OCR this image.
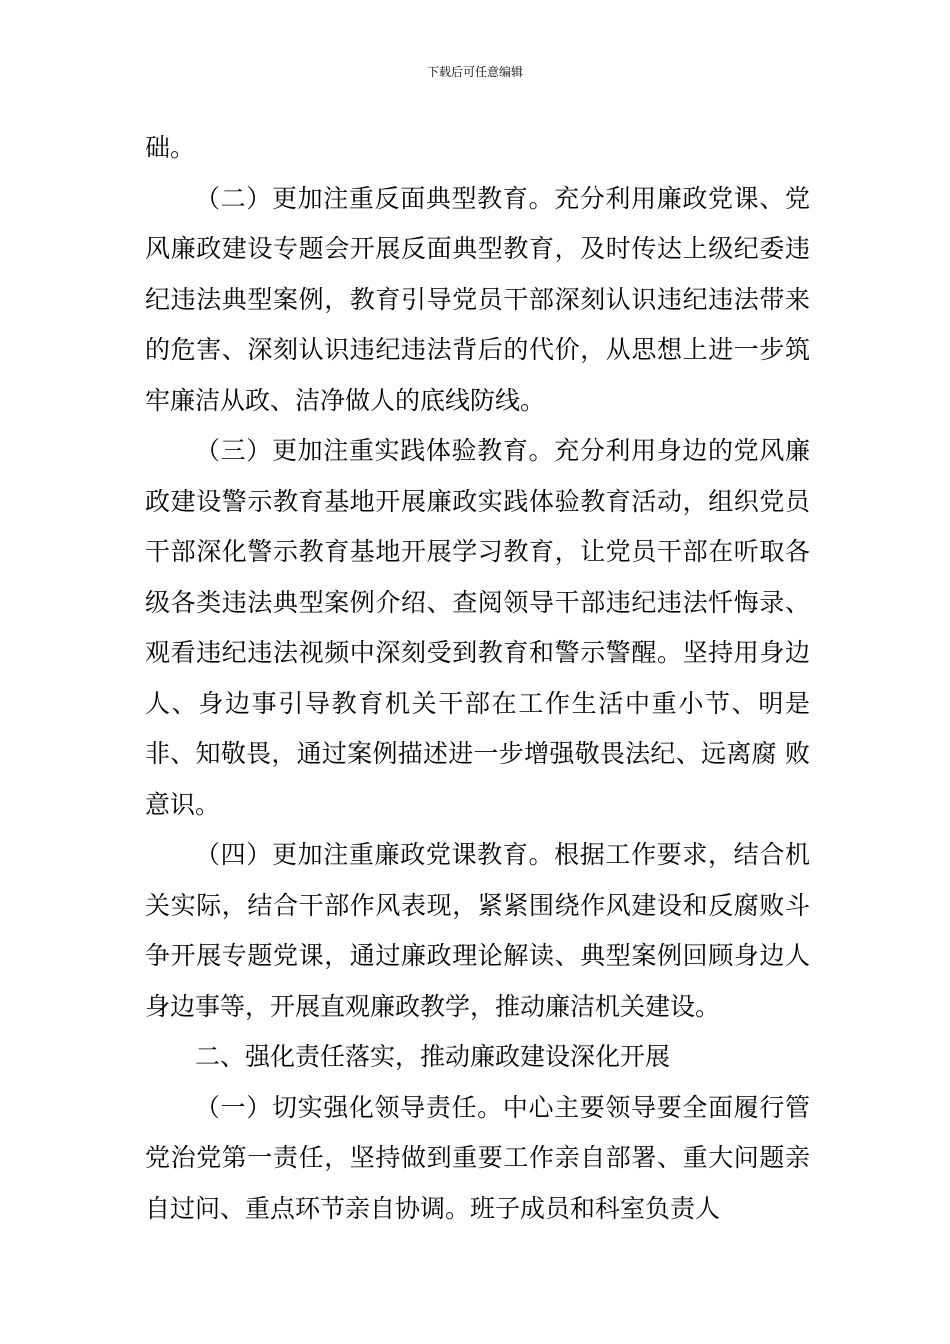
下载后可任意编辑

础。

（二）更加注重反面典型教育。充分利用廉政党课、党风廉政建设专题会开展反面典型教育，及时传达上级纪委违纪违法典型案例，教育引导党员干部深刻认识违纪违法带来的危害、深刻认识违纪违法背后的代价，从思想上进一步筑牢廉洁从政、洁净做人的底线防线。

（三）更加注重实践体验教育。充分利用身边的党风廉政建设警示教育基地开展廉政实践体验教育活动，组织党员干部深化警示教育基地开展学习教育，让党员干部在听取各级各类违法典型案例介绍、查阅领导干部违纪违法忏悔录、观看违纪违法视频中深刻受到教育和警示警醒。坚持用身边人、身边事引导教育机关干部在工作生活中重小节、明是非、知敬畏，通过案例描述进一步增强敬畏法纪、远离腐 败意识。

（四）更加注重廉政党课教育。根据工作要求，结合机关实际，结合干部作风表现，紧紧围绕作风建设和反腐败斗争开展专题党课，通过廉政理论解读、典型案例回顾身边人身边事等，开展直观廉政教学，推动廉洁机关建设。

二、强化责任落实，推动廉政建设深化开展

（一）切实强化领导责任。中心主要领导要全面履行管党治党第一责任，坚持做到重要工作亲自部署、重大问题亲自过问、重点环节亲自协调。班子成员和科室负责人
